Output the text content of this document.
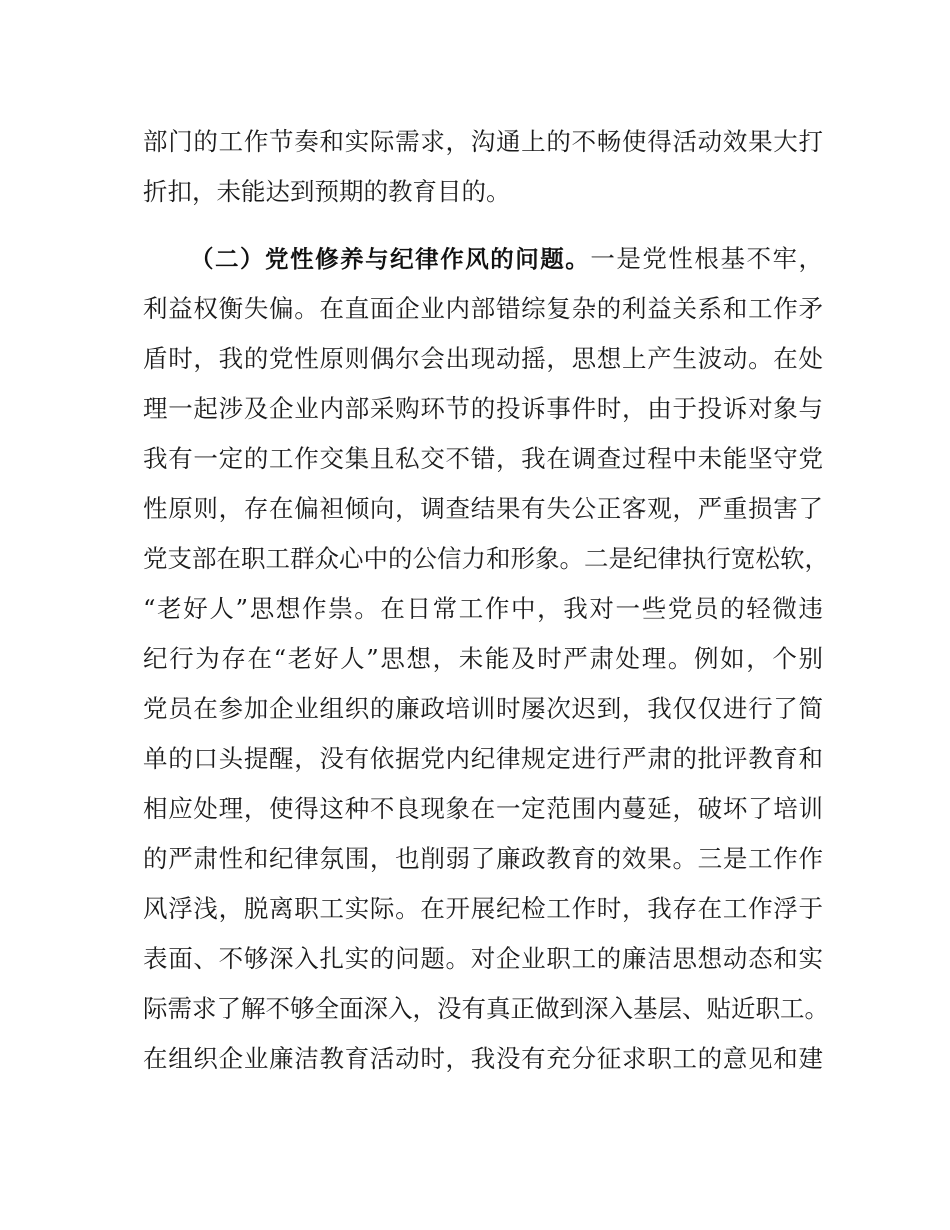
部门的工作节奏和实际需求，沟通上的不畅使得活动效果大打
折扣，未能达到预期的教育目的。
（二）党性修养与纪律作风的问题。一是党性根基不牢，
利益权衡失偏。在直面企业内部错综复杂的利益关系和工作矛
盾时，我的党性原则偶尔会出现动摇，思想上产生波动。在处
理一起涉及企业内部采购环节的投诉事件时，由于投诉对象与
我有一定的工作交集且私交不错，我在调查过程中未能坚守党
性原则，存在偏袒倾向，调查结果有失公正客观，严重损害了
党支部在职工群众心中的公信力和形象。二是纪律执行宽松软，
“老好人”思想作祟。在日常工作中，我对一些党员的轻微违
纪行为存在“老好人”思想，未能及时严肃处理。例如，个别
党员在参加企业组织的廉政培训时屡次迟到，我仅仅进行了简
单的口头提醒，没有依据党内纪律规定进行严肃的批评教育和
相应处理，使得这种不良现象在一定范围内蔓延，破坏了培训
的严肃性和纪律氛围，也削弱了廉政教育的效果。三是工作作
风浮浅，脱离职工实际。在开展纪检工作时，我存在工作浮于
表面、不够深入扎实的问题。对企业职工的廉洁思想动态和实
际需求了解不够全面深入，没有真正做到深入基层、贴近职工。
在组织企业廉洁教育活动时，我没有充分征求职工的意见和建
